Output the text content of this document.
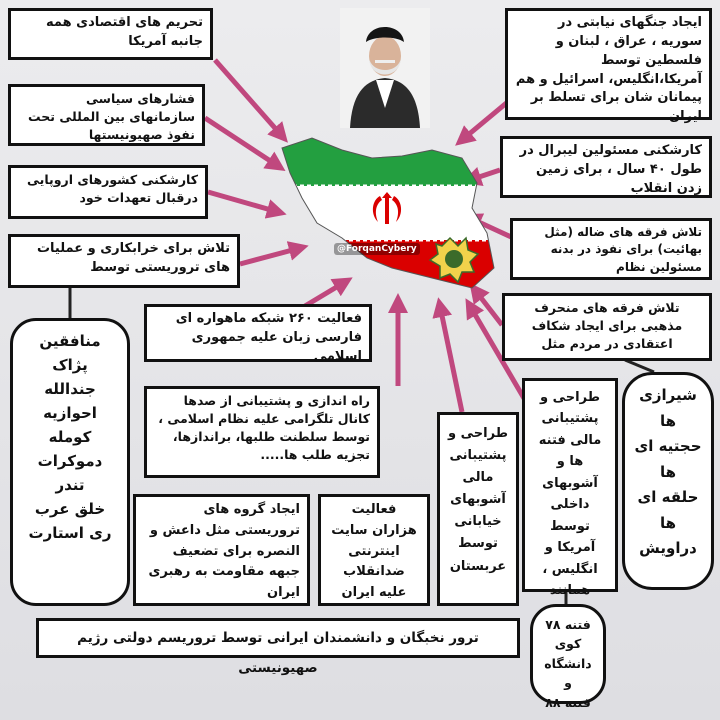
@ForqanCybery
تحریم های اقتصادی همه جانبه آمریکا
ایجاد جنگهای نیابتی در سوریه ، عراق ، لبنان و فلسطین توسط آمریکا،انگلیس، اسرائیل و هم پیمانان شان برای تسلط بر ایران
فشارهای سیاسی سازمانهای بین المللی تحت نفوذ صهیونیستها
کارشکنی مسئولین لیبرال در طول ۴۰ سال ، برای زمین زدن انقلاب
کارشکنی کشورهای اروپایی درقبال تعهدات خود
تلاش فرقه های ضاله (مثل بهائیت) برای نفوذ در بدنه مسئولین نظام
تلاش برای خرابکاری و عملیات های تروریستی توسط
منافقین
پژاک
جندالله
احوازیه
کومله
دموکرات
تندر
خلق عرب
ری استارت
تلاش فرقه های منحرف مذهبی برای ایجاد شکاف اعتقادی در مردم مثل
فعالیت ۲۶۰ شبکه ماهواره ای فارسی زبان علیه جمهوری اسلامی
شیرازی
ها
حجتیه ای
ها
حلقه ای
ها
دراویش
راه اندازی و پشتیبانی از صدها کانال تلگرامی علیه نظام اسلامی ، توسط سلطنت طلبها، براندازها، تجزیه طلب ها.....
طراحی و پشتیبانی مالی آشوبهای خیابانی توسط عربستان
طراحی و پشتیبانی مالی فتنه ها و آشوبهای داخلی توسط آمریکا و انگلیس ، همانند
ایجاد گروه های تروریستی مثل داعش و النصره برای تضعیف جبهه مقاومت به رهبری ایران
فعالیت هزاران سایت اینترنتی ضدانقلاب علیه ایران
ترور نخبگان و دانشمندان ایرانی توسط تروریسم دولتی رژیم صهیونیستی
فتنه ۷۸ کوی
دانشگاه و
فتنه ۸۸
